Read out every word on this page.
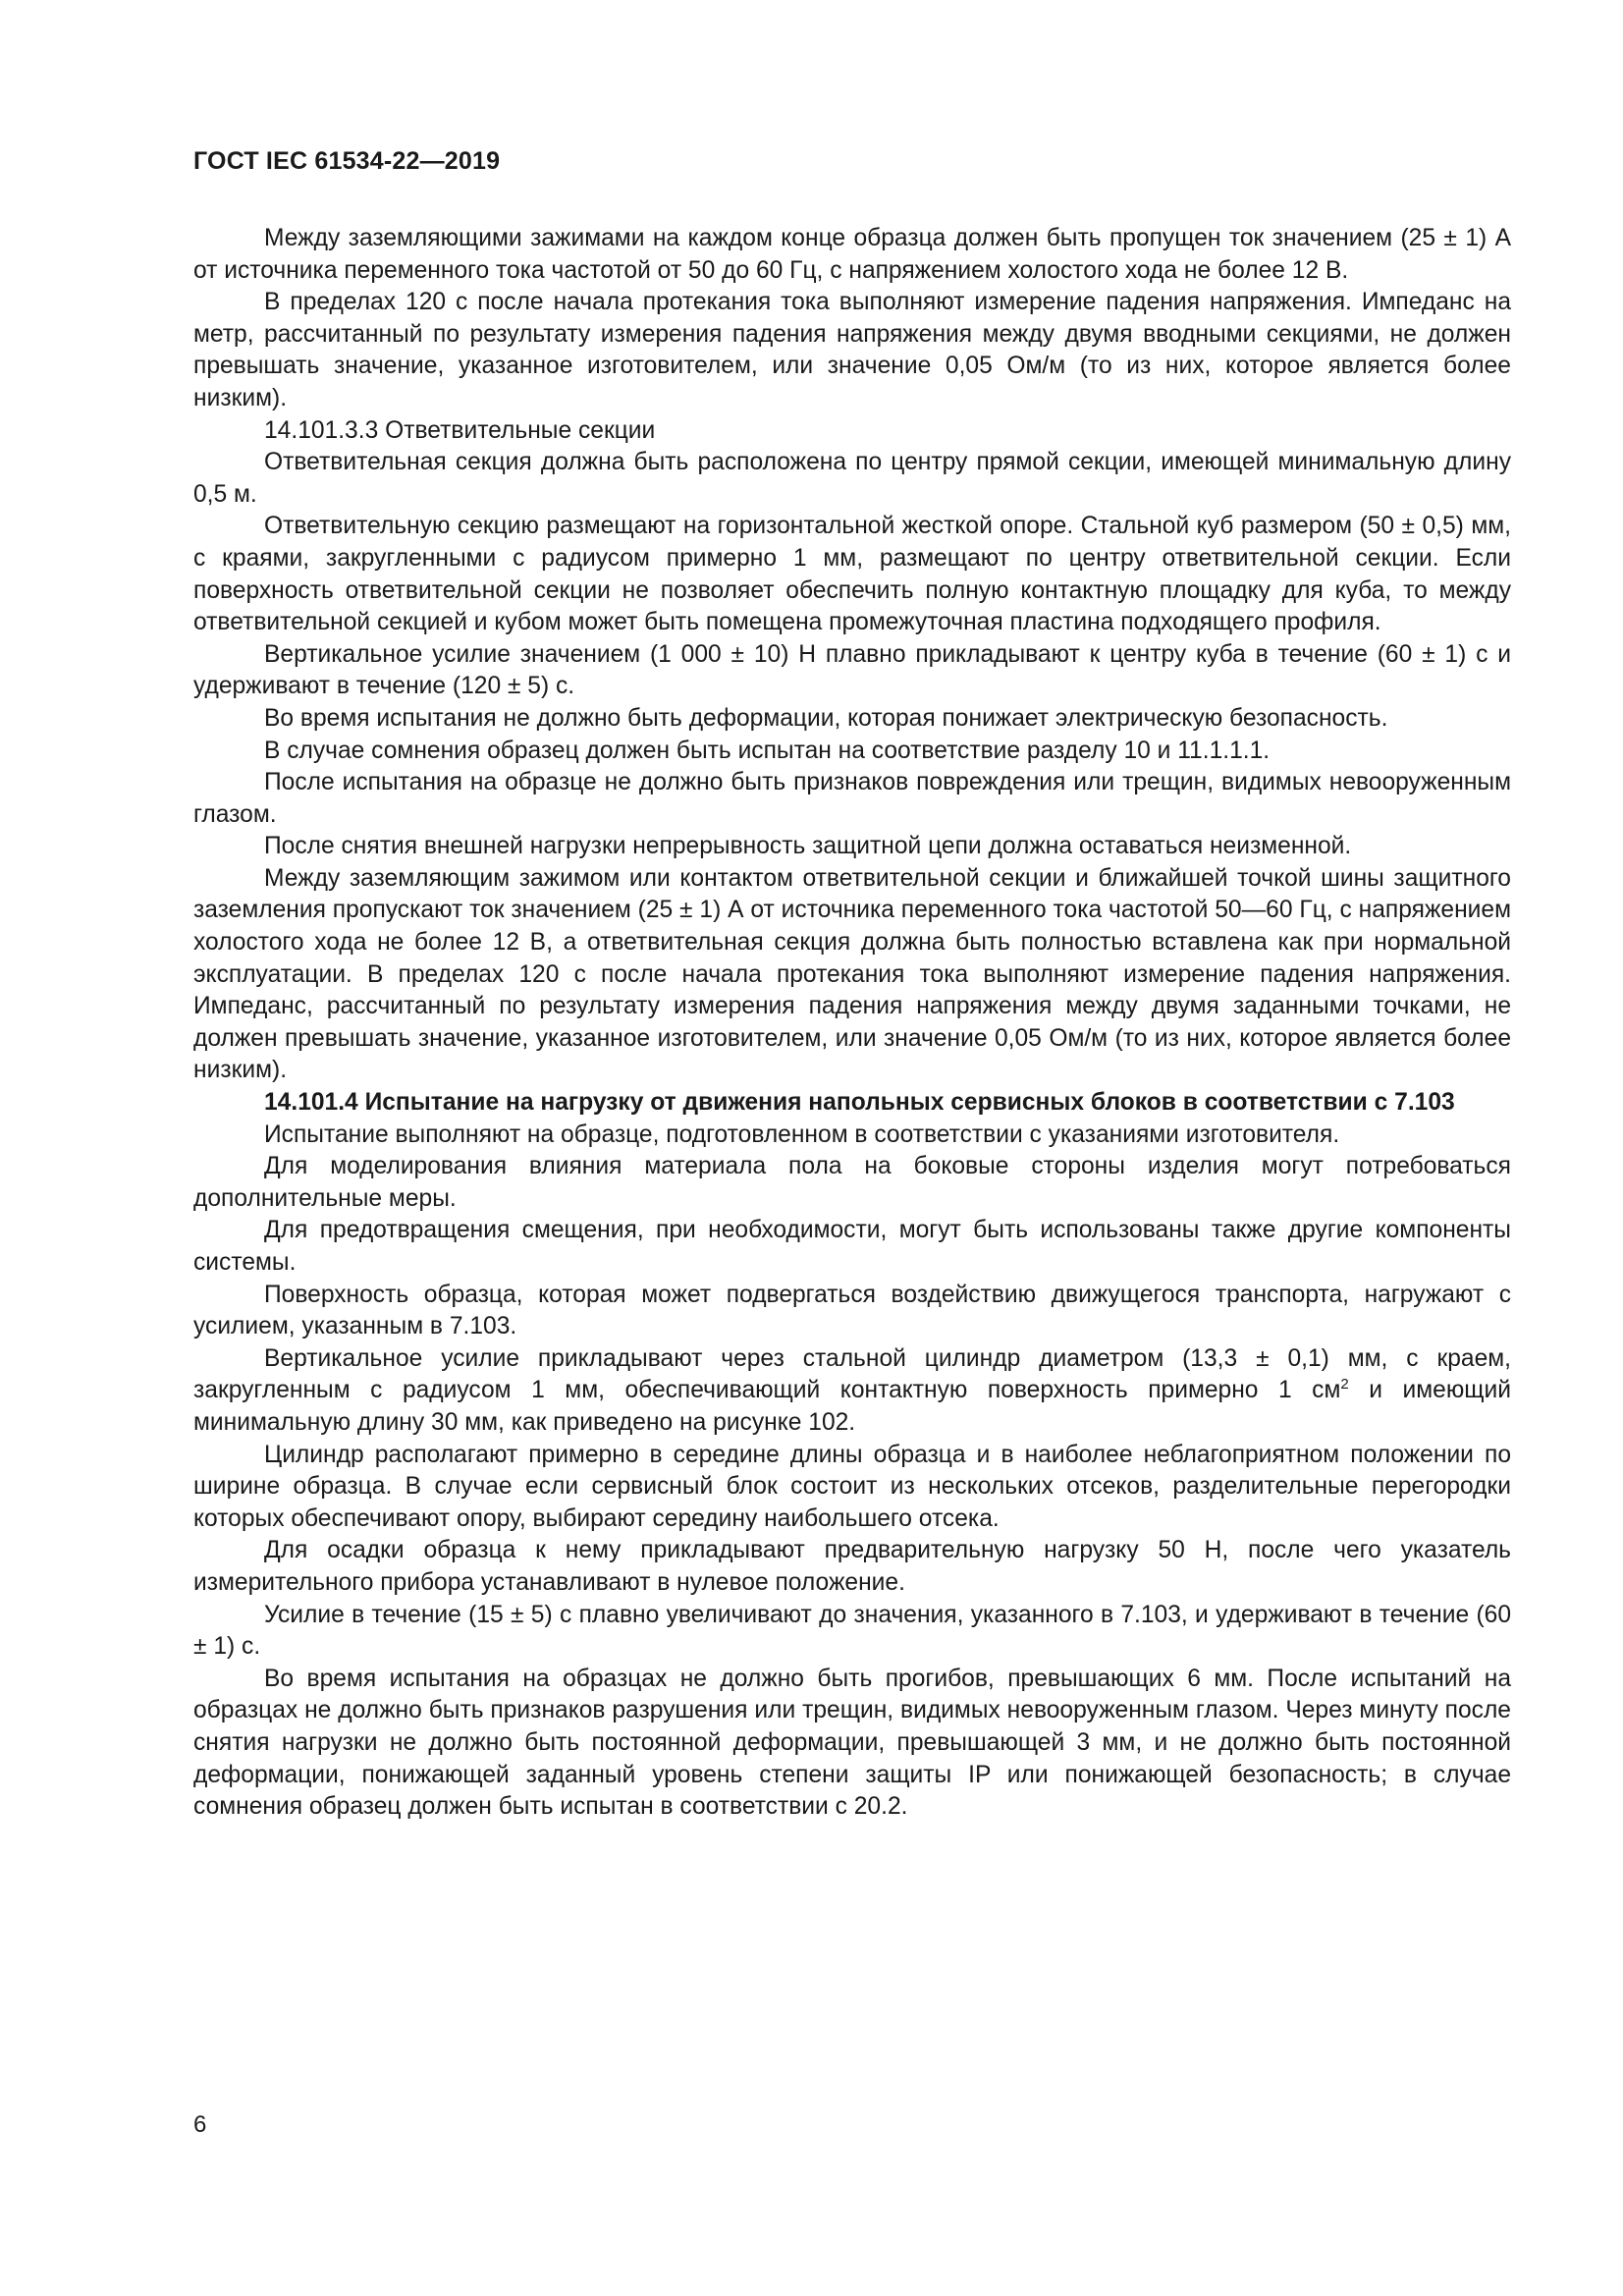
ГОСТ IEC 61534-22—2019

Между заземляющими зажимами на каждом конце образца должен быть пропущен ток значением (25 ± 1) А от источника переменного тока частотой от 50 до 60 Гц, с напряжением холостого хода не более 12 В.

В пределах 120 с после начала протекания тока выполняют измерение падения напряжения. Импеданс на метр, рассчитанный по результату измерения падения напряжения между двумя вводными секциями, не должен превышать значение, указанное изготовителем, или значение 0,05 Ом/м (то из них, которое является более низким).

14.101.3.3 Ответвительные секции

Ответвительная секция должна быть расположена по центру прямой секции, имеющей минимальную длину 0,5 м.

Ответвительную секцию размещают на горизонтальной жесткой опоре. Стальной куб размером (50 ± 0,5) мм, с краями, закругленными с радиусом примерно 1 мм, размещают по центру ответвительной секции. Если поверхность ответвительной секции не позволяет обеспечить полную контактную площадку для куба, то между ответвительной секцией и кубом может быть помещена промежуточная пластина подходящего профиля.

Вертикальное усилие значением (1 000 ± 10) Н плавно прикладывают к центру куба в течение (60 ± 1) с и удерживают в течение (120 ± 5) с.

Во время испытания не должно быть деформации, которая понижает электрическую безопасность.

В случае сомнения образец должен быть испытан на соответствие разделу 10 и 11.1.1.1.

После испытания на образце не должно быть признаков повреждения или трещин, видимых невооруженным глазом.

После снятия внешней нагрузки непрерывность защитной цепи должна оставаться неизменной.

Между заземляющим зажимом или контактом ответвительной секции и ближайшей точкой шины защитного заземления пропускают ток значением (25 ± 1) А от источника переменного тока частотой 50—60 Гц, с напряжением холостого хода не более 12 В, а ответвительная секция должна быть полностью вставлена как при нормальной эксплуатации. В пределах 120 с после начала протекания тока выполняют измерение падения напряжения. Импеданс, рассчитанный по результату измерения падения напряжения между двумя заданными точками, не должен превышать значение, указанное изготовителем, или значение 0,05 Ом/м (то из них, которое является более низким).

14.101.4 Испытание на нагрузку от движения напольных сервисных блоков в соответствии с 7.103

Испытание выполняют на образце, подготовленном в соответствии с указаниями изготовителя.

Для моделирования влияния материала пола на боковые стороны изделия могут потребоваться дополнительные меры.

Для предотвращения смещения, при необходимости, могут быть использованы также другие компоненты системы.

Поверхность образца, которая может подвергаться воздействию движущегося транспорта, нагружают с усилием, указанным в 7.103.

Вертикальное усилие прикладывают через стальной цилиндр диаметром (13,3 ± 0,1) мм, с краем, закругленным с радиусом 1 мм, обеспечивающий контактную поверхность примерно 1 $см^2$ и имеющий минимальную длину 30 мм, как приведено на рисунке 102.

Цилиндр располагают примерно в середине длины образца и в наиболее неблагоприятном положении по ширине образца. В случае если сервисный блок состоит из нескольких отсеков, разделительные перегородки которых обеспечивают опору, выбирают середину наибольшего отсека.

Для осадки образца к нему прикладывают предварительную нагрузку 50 Н, после чего указатель измерительного прибора устанавливают в нулевое положение.

Усилие в течение (15 ± 5) с плавно увеличивают до значения, указанного в 7.103, и удерживают в течение (60 ± 1) с.

Во время испытания на образцах не должно быть прогибов, превышающих 6 мм. После испытаний на образцах не должно быть признаков разрушения или трещин, видимых невооруженным глазом. Через минуту после снятия нагрузки не должно быть постоянной деформации, превышающей 3 мм, и не должно быть постоянной деформации, понижающей заданный уровень степени защиты IP или понижающей безопасность; в случае сомнения образец должен быть испытан в соответствии с 20.2.

6
